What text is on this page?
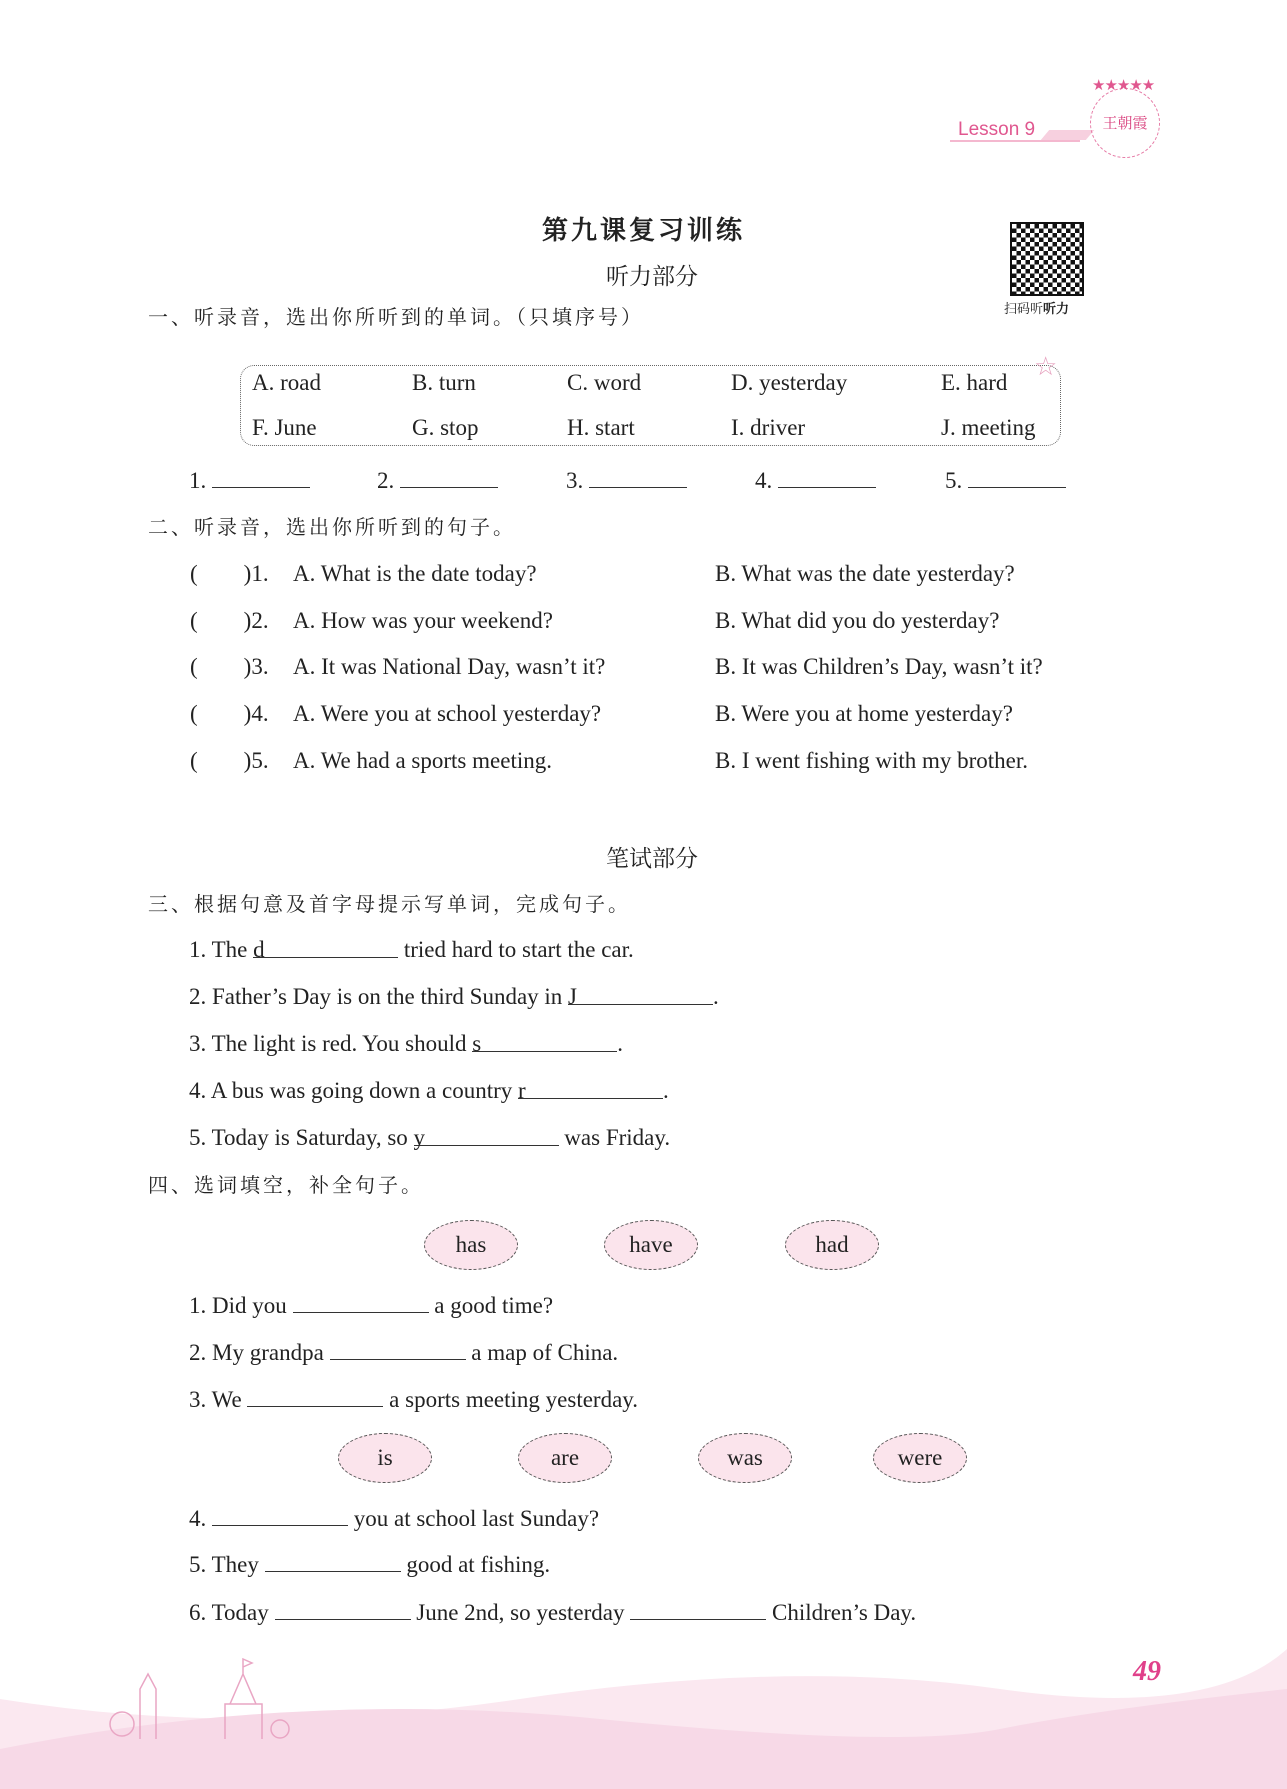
Lesson 9	王朝霞
★★★★★
扫码听听力
第九课复习训练
听力部分
一、听录音，选出你所听到的单词。（只填序号）
☆
A. road	B. turn	C. word	D. yesterday	E. hard
F. June	G. stop	H. start	I. driver	J. meeting
1.	2.	3.	4.	5.
二、听录音，选出你所听到的句子。
(　　)1. A. What is the date today?	B. What was the date yesterday?
(　　)2. A. How was your weekend?	B. What did you do yesterday?
(　　)3. A. It was National Day, wasn’t it?	B. It was Children’s Day, wasn’t it?
(　　)4. A. Were you at school yesterday?	B. Were you at home yesterday?
(　　)5. A. We had a sports meeting.	B. I went fishing with my brother.
笔试部分
三、根据句意及首字母提示写单词，完成句子。
1. The d	tried hard to start the car.
2. Father’s Day is on the third Sunday in J	.
3. The light is red. You should s	.
4. A bus was going down a country r	.
5. Today is Saturday, so y	was Friday.
四、选词填空，补全句子。
has	have	had
is	are	was	were
1. Did you	a good time?
2. My grandpa	a map of China.
3. We	a sports meeting yesterday.
4.	you at school last Sunday?
5. They	good at fishing.
6. Today	June 2nd, so yesterday	Children’s Day.
49
